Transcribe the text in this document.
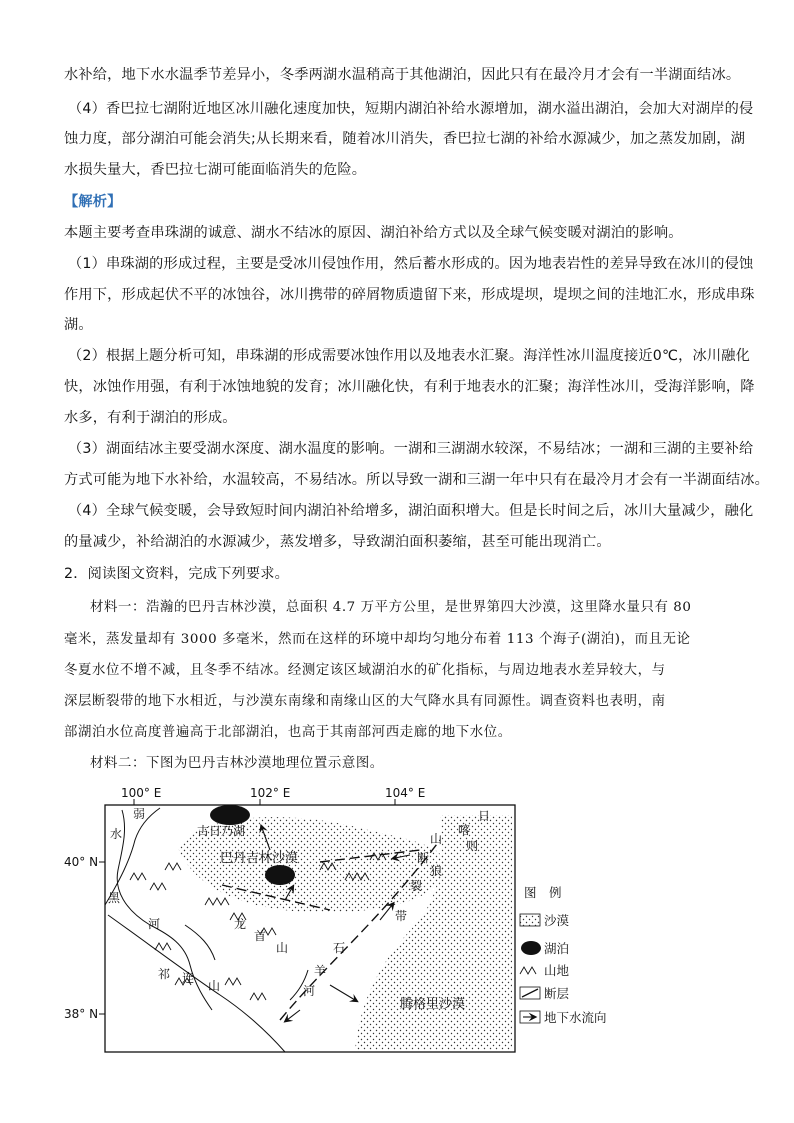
水补给，地下水水温季节差异小，冬季两湖水温稍高于其他湖泊，因此只有在最冷月才会有一半湖面结冰。
（4）香巴拉七湖附近地区冰川融化速度加快，短期内湖泊补给水源增加，湖水溢出湖泊，会加大对湖岸的侵
蚀力度，部分湖泊可能会消失;从长期来看，随着冰川消失，香巴拉七湖的补给水源减少，加之蒸发加剧，湖
水损失量大，香巴拉七湖可能面临消失的危险。
【解析】
本题主要考查串珠湖的诚意、湖水不结冰的原因、湖泊补给方式以及全球气候变暖对湖泊的影响。
（1）串珠湖的形成过程，主要是受冰川侵蚀作用，然后蓄水形成的。因为地表岩性的差异导致在冰川的侵蚀
作用下，形成起伏不平的冰蚀谷，冰川携带的碎屑物质遗留下来，形成堤坝，堤坝之间的洼地汇水，形成串珠
湖。
（2）根据上题分析可知，串珠湖的形成需要冰蚀作用以及地表水汇聚。海洋性冰川温度接近0℃，冰川融化
快，冰蚀作用强，有利于冰蚀地貌的发育；冰川融化快，有利于地表水的汇聚；海洋性冰川，受海洋影响，降
水多，有利于湖泊的形成。
（3）湖面结冰主要受湖水深度、湖水温度的影响。一湖和三湖湖水较深，不易结冰；一湖和三湖的主要补给
方式可能为地下水补给，水温较高，不易结冰。所以导致一湖和三湖一年中只有在最冷月才会有一半湖面结冰。
（4）全球气候变暖，会导致短时间内湖泊补给增多，湖泊面积增大。但是长时间之后，冰川大量减少，融化
的量减少，补给湖泊的水源减少，蒸发增多，导致湖泊面积萎缩，甚至可能出现消亡。
2．阅读图文资料，完成下列要求。
材料一：浩瀚的巴丹吉林沙漠，总面积 4.7 万平方公里，是世界第四大沙漠，这里降水量只有 80
毫米，蒸发量却有 3000 多毫米，然而在这样的环境中却均匀地分布着 113 个海子(湖泊)，而且无论
冬夏水位不增不减，且冬季不结冰。经测定该区域湖泊水的矿化指标，与周边地表水差异较大，与
深层断裂带的地下水相近，与沙漠东南缘和南缘山区的大气降水具有同源性。调查资料也表明，南
部湖泊水位高度普遍高于北部湖泊，也高于其南部河西走廊的地下水位。
材料二：下图为巴丹吉林沙漠地理位置示意图。
100° E	102° E	104° E
40° N
38° N
弱
水	古日乃湖
巴丹吉林沙漠
黑
河	龙
首
山
祁 连
山
石
羊
河
狼
山
日
喀
则
断
裂
带
腾格里沙漠
图　例
沙漠
湖泊
山地
断层
地下水流向
